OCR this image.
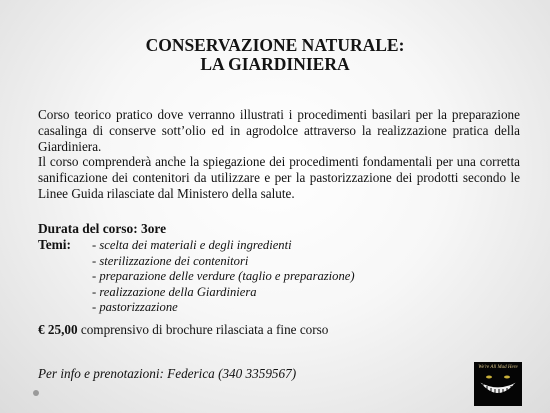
CONSERVAZIONE NATURALE:
LA GIARDINIERA

Corso teorico pratico dove verranno illustrati i procedimenti basilari per la preparazione casalinga di conserve sott’olio ed in agrodolce attraverso la realizzazione pratica della Giardiniera.

Il corso comprenderà anche la spiegazione dei procedimenti fondamentali per una corretta sanificazione dei contenitori da utilizzare e per la pastorizzazione dei prodotti secondo le Linee Guida rilasciate dal Ministero della salute.

Durata del corso: 3ore
Temi: - scelta dei materiali e degli ingredienti
- sterilizzazione dei contenitori
- preparazione delle verdure (taglio e preparazione)
- realizzazione della Giardiniera
- pastorizzazione
€ 25,00 comprensivo di brochure rilasciata a fine corso
Per info e prenotazioni: Federica (340 3359567)	We're All Mad Here
